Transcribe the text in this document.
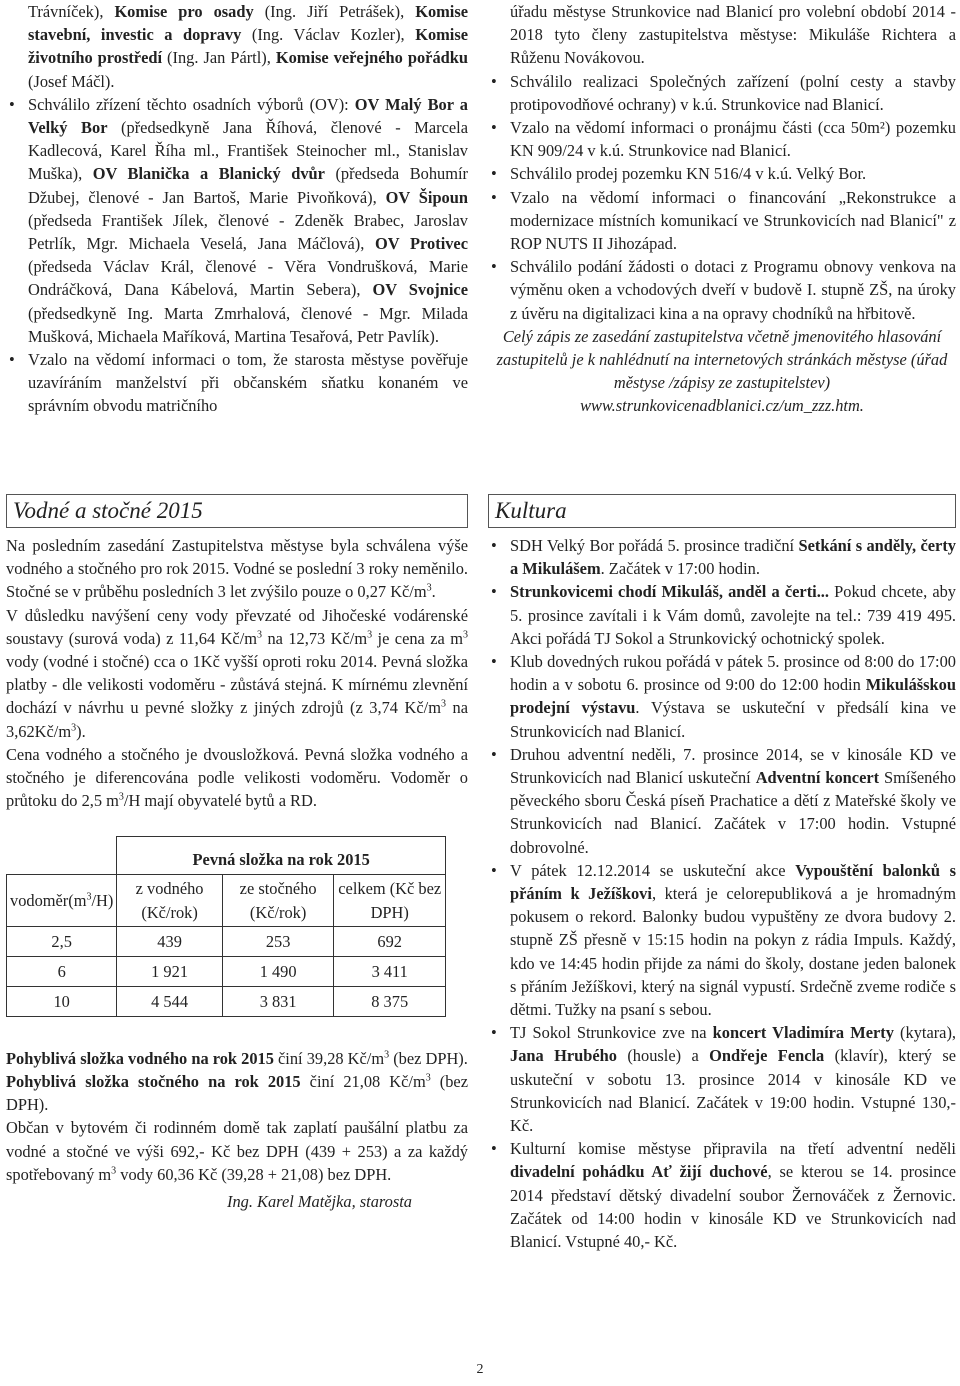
Trávníček), Komise pro osady (Ing. Jiří Petrášek), Komise stavební, investic a dopravy (Ing. Václav Kozler), Komise životního prostředí (Ing. Jan Pártl), Komise veřejného pořádku (Josef Máčl).

• Schválilo zřízení těchto osadních výborů (OV): OV Malý Bor a Velký Bor (předsedkyně Jana Říhová, členové - Marcela Kadlecová, Karel Říha ml., František Steinocher ml., Stanislav Muška), OV Blanička a Blanický dvůr (předseda Bohumír Džubej, členové - Jan Bartoš, Marie Pivoňková), OV Šipoun (předseda František Jílek, členové - Zdeněk Brabec, Jaroslav Petrlík, Mgr. Michaela Veselá, Jana Máčlová), OV Protivec (předseda Václav Král, členové - Věra Vondrušková, Marie Ondráčková, Dana Kábelová, Martin Sebera), OV Svojnice (předsedkyně Ing. Marta Zmrhalová, členové - Mgr. Milada Mušková, Michaela Maříková, Martina Tesařová, Petr Pavlík).
• Vzalo na vědomí informaci o tom, že starosta městyse pověřuje uzavíráním manželství při občanském sňatku konaném ve správním obvodu matričního

úřadu městyse Strunkovice nad Blanicí pro volební období 2014 - 2018 tyto členy zastupitelstva městyse: Mikuláše Richtera a Růženu Novákovou.

• Schválilo realizaci Společných zařízení (polní cesty a stavby protipovodňové ochrany) v k.ú. Strunkovice nad Blanicí.
• Vzalo na vědomí informaci o pronájmu části (cca 50m²) pozemku KN 909/24 v k.ú. Strunkovice nad Blanicí.
• Schválilo prodej pozemku KN 516/4 v k.ú. Velký Bor.
• Vzalo na vědomí informaci o financování „Rekonstrukce a modernizace místních komunikací ve Strunkovicích nad Blanicí" z ROP NUTS II Jihozápad.
• Schválilo podání žádosti o dotaci z Programu obnovy venkova na výměnu oken a vchodových dveří v budově I. stupně ZŠ, na úroky z úvěru na digitalizaci kina a na opravy chodníků na hřbitově.

Celý zápis ze zasedání zastupitelstva včetně jmenovitého hlasování zastupitelů je k nahlédnutí na internetových stránkách městyse (úřad městyse /zápisy ze zastupitelstev) www.strunkovicenadblanici.cz/um_zzz.htm.

Vodné a stočné 2015

Na posledním zasedání Zastupitelstva městyse byla schválena výše vodného a stočného pro rok 2015. Vodné se poslední 3 roky neměnilo. Stočné se v průběhu posledních 3 let zvýšilo pouze o 0,27 $Kč/m^3$.

V důsledku navýšení ceny vody převzaté od Jihočeské vodárenské soustavy (surová voda) z 11,64 $Kč/m^3$ na 12,73 $Kč/m^3$ je cena za $m^3$ vody (vodné i stočné) cca o 1Kč vyšší oproti roku 2014. Pevná složka platby - dle velikosti vodoměru - zůstává stejná. K mírnému zlevnění dochází v návrhu u pevné složky z jiných zdrojů (z 3,74 $Kč/m^3$ na $3,62Kč/m^3$).

Cena vodného a stočného je dvousložková. Pevná složka vodného a stočného je diferencována podle velikosti vodoměru. Vodoměr o průtoku do 2,5 $m^3/H$ mají obyvatelé bytů a RD.

	Pevná složka na rok 2015		
$vodoměr(m^3/H)$	z vodného (Kč/rok)	ze stočného (Kč/rok)	celkem (Kč bez DPH)
2,5	439	253	692
6	1 921	1 490	3 411
10	4 544	3 831	8 375

Pohyblivá složka vodného na rok 2015 činí 39,28 $Kč/m^3$ (bez DPH).

Pohyblivá složka stočného na rok 2015 činí 21,08 $Kč/m^3$ (bez DPH).

Občan v bytovém či rodinném domě tak zaplatí paušální platbu za vodné a stočné ve výši 692,- Kč bez DPH (439 + 253) a za každý spotřebovaný $m^3$ vody 60,36 Kč (39,28 + 21,08) bez DPH.

Ing. Karel Matějka, starosta

Kultura
• SDH Velký Bor pořádá 5. prosince tradiční Setkání s anděly, čerty a Mikulášem. Začátek v 17:00 hodin.
• Strunkovicemi chodí Mikuláš, anděl a čerti... Pokud chcete, aby 5. prosince zavítali i k Vám domů, zavolejte na tel.: 739 419 495. Akci pořádá TJ Sokol a Strunkovický ochotnický spolek.
• Klub dovedných rukou pořádá v pátek 5. prosince od 8:00 do 17:00 hodin a v sobotu 6. prosince od 9:00 do 12:00 hodin Mikulášskou prodejní výstavu. Výstava se uskuteční v předsálí kina ve Strunkovicích nad Blanicí.
• Druhou adventní neděli, 7. prosince 2014, se v kinosále KD ve Strunkovicích nad Blanicí uskuteční Adventní koncert Smíšeného pěveckého sboru Česká píseň Prachatice a dětí z Mateřské školy ve Strunkovicích nad Blanicí. Začátek v 17:00 hodin. Vstupné dobrovolné.
• V pátek 12.12.2014 se uskuteční akce Vypouštění balonků s přáním k Ježíškovi, která je celorepubliková a je hromadným pokusem o rekord. Balonky budou vypuštěny ze dvora budovy 2. stupně ZŠ přesně v 15:15 hodin na pokyn z rádia Impuls. Každý, kdo ve 14:45 hodin přijde za námi do školy, dostane jeden balonek s přáním Ježíškovi, který na signál vypustí. Srdečně zveme rodiče s dětmi. Tužky na psaní s sebou.
• TJ Sokol Strunkovice zve na koncert Vladimíra Merty (kytara), Jana Hrubého (housle) a Ondřeje Fencla (klavír), který se uskuteční v sobotu 13. prosince 2014 v kinosále KD ve Strunkovicích nad Blanicí. Začátek v 19:00 hodin. Vstupné 130,- Kč.
• Kulturní komise městyse připravila na třetí adventní neděli divadelní pohádku Ať žijí duchové, se kterou se 14. prosince 2014 představí dětský divadelní soubor Žernováček z Žernovic. Začátek od 14:00 hodin v kinosále KD ve Strunkovicích nad Blanicí. Vstupné 40,- Kč.
2
